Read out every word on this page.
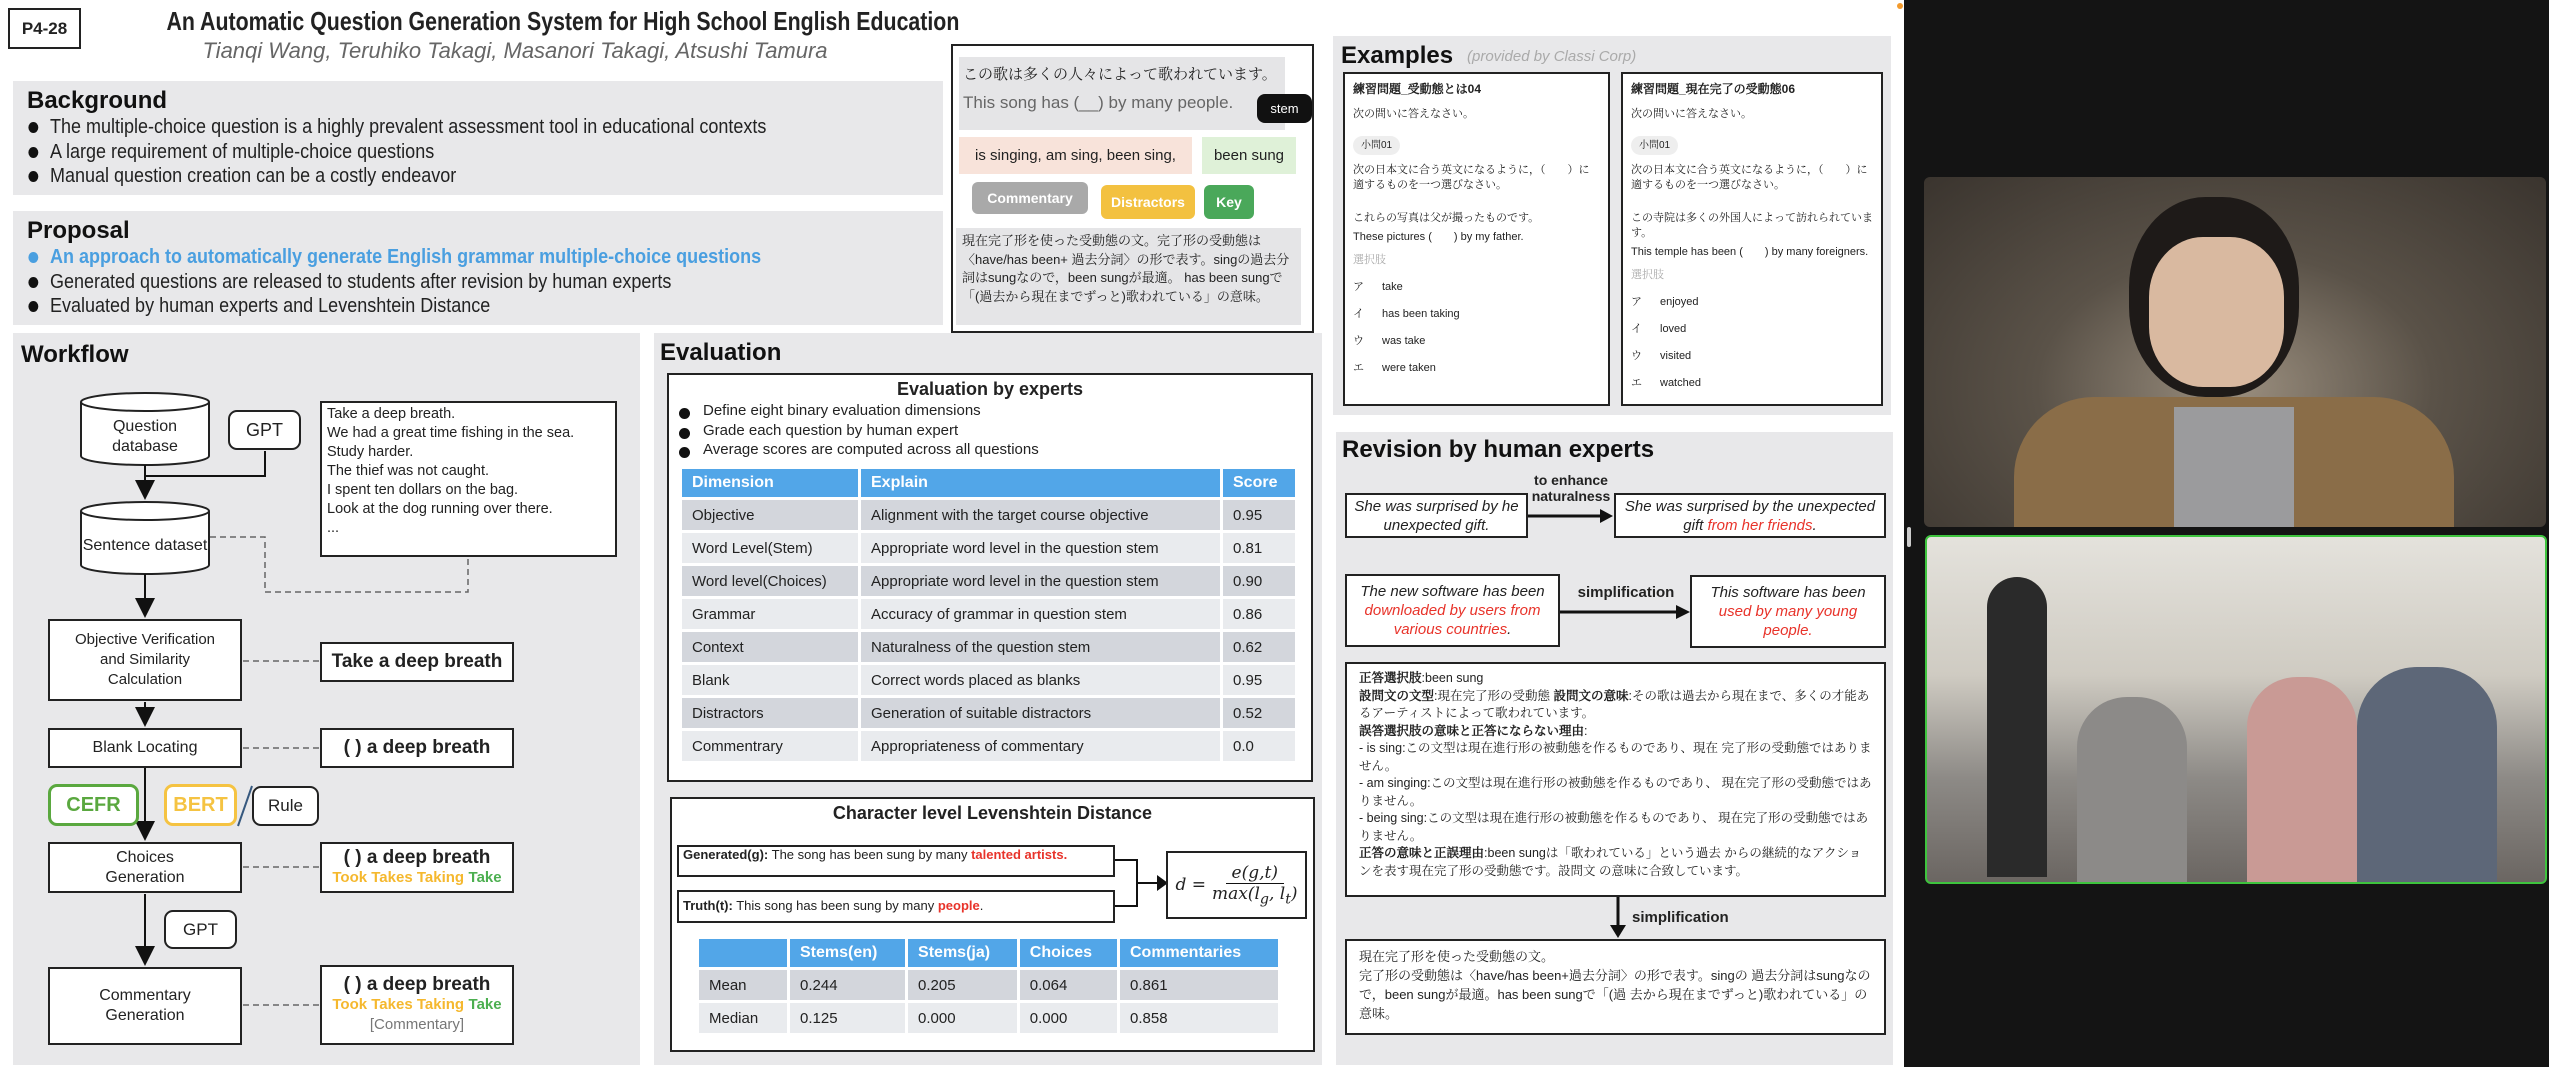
P4-28	An Automatic Question Generation System for High School English Education
Tianqi Wang, Teruhiko Takagi, Masanori Takagi, Atsushi Tamura
Background
The multiple-choice question is a highly prevalent assessment tool in educational contexts
A large requirement of multiple-choice questions
Manual question creation can be a costly endeavor
Proposal
An approach to automatically generate English grammar multiple-choice questions
Generated questions are released to students after revision by human experts
Evaluated by human experts and Levenshtein Distance
この歌は多くの人々によって歌われています。
This song has (__) by many people.	stem
is singing, am sing, been sing,	been sung
Commentary	Distractors	Key
現在完了形を使った受動態の文。完了形の受動態は〈have/has been+ 過去分詞〉の形で表す。singの過去分詞はsungなので，been sungが最適。 has been sungで「(過去から現在までずっと)歌われている」の意味。
Examples (provided by Classi Corp)
練習問題_受動態とは04
次の問いに答えなさい。
小問01
次の日本文に合う英文になるように，（　　）に適するものを一つ選びなさい。
これらの写真は父が撮ったものです。
These pictures (　　) by my father.
選択肢
ア take
イ has been taking
ウ was take
エ were taken
練習問題_現在完了の受動態06
次の問いに答えなさい。
小問01
次の日本文に合う英文になるように，（　　）に適するものを一つ選びなさい。
この寺院は多くの外国人によって訪れられています。
This temple has been (　　) by many foreigners.
選択肢
ア enjoyed
イ loved
ウ visited
エ watched
Workflow
Question database
GPT
Sentence dataset
Take a deep breath.
We had a great time fishing in the sea.
Study harder.
The thief was not caught.
I spent ten dollars on the bag.
Look at the dog running over there.
...
Objective Verification and Similarity Calculation
Take a deep breath
Blank Locating	( ) a deep breath
CEFR	BERT	Rule
Choices Generation
( ) a deep breath
Took Takes Taking Take
GPT
Commentary Generation
( ) a deep breath
Took Takes Taking Take
[Commentary]
Evaluation
Evaluation by experts
Define eight binary evaluation dimensions
Grade each question by human expert
Average scores are computed across all questions
Dimension	Explain	Score
Objective	Alignment with the target course objective	0.95
Word Level(Stem)	Appropriate word level in the question stem	0.81
Word level(Choices)	Appropriate word level in the question stem	0.90
Grammar	Accuracy of grammar in question stem	0.86
Context	Naturalness of the question stem	0.62
Blank	Correct words placed as blanks	0.95
Distractors	Generation of suitable distractors	0.52
Commentrary	Appropriateness of commentary	0.0
Character level Levenshtein Distance
Generated(g): The song has been sung by many talented artists.
Truth(t): This song has been sung by many people.
d =
e(g,t)
$\max(l_g$, $l_t$)
	Stems(en)	Stems(ja)	Choices	Commentaries
Mean	0.244	0.205	0.064	0.861
Median	0.125	0.000	0.000	0.858
Revision by human experts
She was surprised by he unexpected gift.
to enhance naturalness
She was surprised by the unexpected gift from her friends.
The new software has been downloaded by users from various countries.
simplification	This software has been used by many young people.
正答選択肢:been sung
設問文の文型:現在完了形の受動態 設問文の意味:その歌は過去から現在まで、多くの才能あるアーティストによって歌われています。
誤答選択肢の意味と正答にならない理由:
- is sing:この文型は現在進行形の被動態を作るものであり、現在 完了形の受動態ではありません。
- am singing:この文型は現在進行形の被動態を作るものであり、 現在完了形の受動態ではありません。
- being sing:この文型は現在進行形の被動態を作るものであり、 現在完了形の受動態ではありません。
正答の意味と正誤理由:been sungは「歌われている」という過去 からの継続的なアクションを表す現在完了形の受動態です。設問文 の意味に合致しています。
simplification
現在完了形を使った受動態の文。
完了形の受動態は〈have/has been+過去分詞〉の形で表す。singの 過去分詞はsungなので，been sungが最適。has been sungで「(過 去から現在までずっと)歌われている」の意味。
